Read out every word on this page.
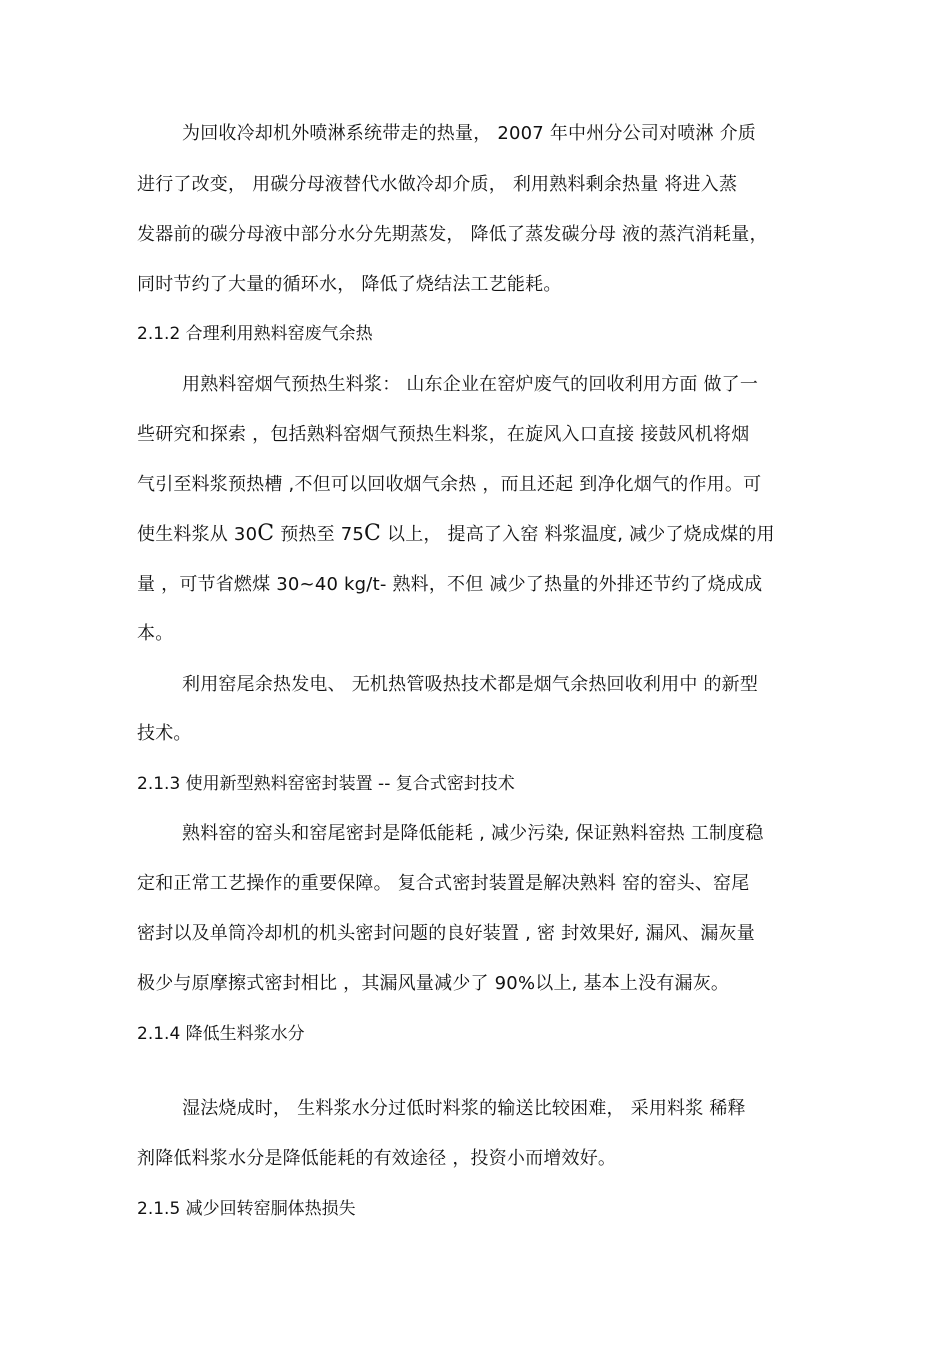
为回收冷却机外喷淋系统带走的热量， 2007 年中州分公司对喷淋 介质
进行了改变， 用碳分母液替代水做冷却介质， 利用熟料剩余热量 将进入蒸
发器前的碳分母液中部分水分先期蒸发， 降低了蒸发碳分母 液的蒸汽消耗量，
同时节约了大量的循环水， 降低了烧结法工艺能耗。
2.1.2 合理利用熟料窑废气余热
用熟料窑烟气预热生料浆： 山东企业在窑炉废气的回收利用方面 做了一
些研究和探索 ，包括熟料窑烟气预热生料浆，在旋风入口直接 接鼓风机将烟
气引至料浆预热槽 ,不但可以回收烟气余热 ，而且还起 到净化烟气的作用。可
使生料浆从 30C 预热至 75C 以上， 提高了入窑 料浆温度, 减少了烧成煤的用
量 ，可节省燃煤 30~40 kg/t- 熟料，不但 减少了热量的外排还节约了烧成成
本。
利用窑尾余热发电、 无机热管吸热技术都是烟气余热回收利用中 的新型
技术。
2.1.3 使用新型熟料窑密封装置 -- 复合式密封技术
熟料窑的窑头和窑尾密封是降低能耗 , 减少污染, 保证熟料窑热 工制度稳
定和正常工艺操作的重要保障。 复合式密封装置是解决熟料 窑的窑头、窑尾
密封以及单筒冷却机的机头密封问题的良好装置 , 密 封效果好, 漏风、漏灰量
极少与原摩擦式密封相比 ，其漏风量减少了 90%以上, 基本上没有漏灰。
2.1.4 降低生料浆水分
湿法烧成时， 生料浆水分过低时料浆的输送比较困难， 采用料浆 稀释
剂降低料浆水分是降低能耗的有效途径 ，投资小而增效好。
2.1.5 减少回转窑胴体热损失
